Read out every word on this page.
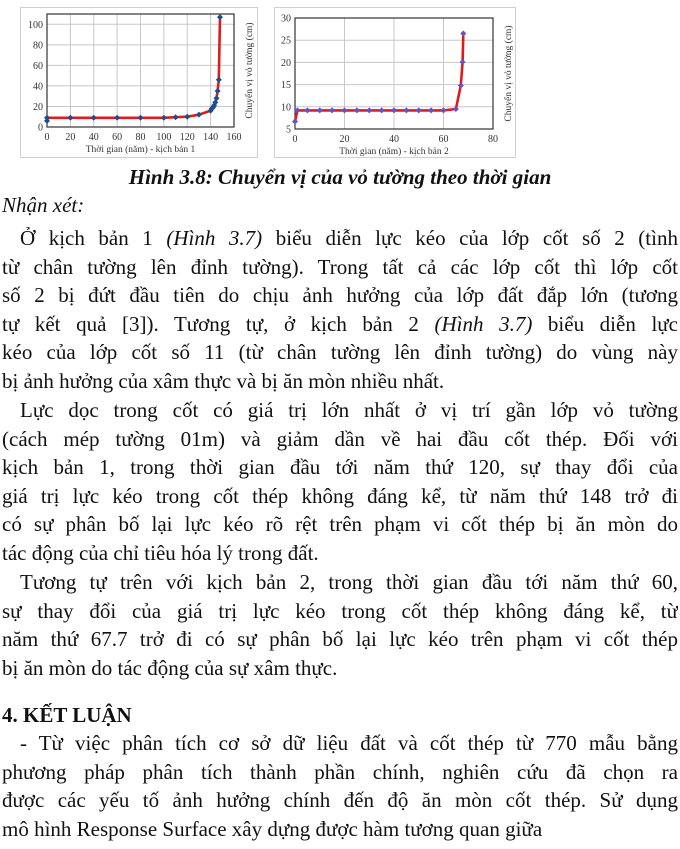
0
20
40
60
80
100
0 20 40 60 80 100 120 140 160
Thời gian (năm) - kịch bản 1
Chuyển vị vỏ tường (cm)
5
10
15
20
25
30
0	20	40	60	80
Thời gian (năm) - kịch bản 2
Chuyển vị vỏ tường (cm)
Hình 3.8: Chuyển vị của vỏ tường theo thời gian
Nhận xét:
Ở kịch bản 1 (Hình 3.7) biểu diễn lực kéo của lớp cốt số 2 (tình
từ chân tường lên đỉnh tường). Trong tất cả các lớp cốt thì lớp cốt
số 2 bị đứt đầu tiên do chịu ảnh hưởng của lớp đất đắp lớn (tương
tự kết quả [3]). Tương tự, ở kịch bản 2 (Hình 3.7) biểu diễn lực
kéo của lớp cốt số 11 (từ chân tường lên đỉnh tường) do vùng này
bị ảnh hưởng của xâm thực và bị ăn mòn nhiều nhất.
Lực dọc trong cốt có giá trị lớn nhất ở vị trí gần lớp vỏ tường
(cách mép tường 01m) và giảm dần về hai đầu cốt thép. Đối với
kịch bản 1, trong thời gian đầu tới năm thứ 120, sự thay đổi của
giá trị lực kéo trong cốt thép không đáng kể, từ năm thứ 148 trở đi
có sự phân bố lại lực kéo rõ rệt trên phạm vi cốt thép bị ăn mòn do
tác động của chỉ tiêu hóa lý trong đất.
Tương tự trên với kịch bản 2, trong thời gian đầu tới năm thứ 60,
sự thay đổi của giá trị lực kéo trong cốt thép không đáng kể, từ
năm thứ 67.7 trở đi có sự phân bố lại lực kéo trên phạm vi cốt thép
bị ăn mòn do tác động của sự xâm thực.
4. KẾT LUẬN
- Từ việc phân tích cơ sở dữ liệu đất và cốt thép từ 770 mẫu bằng
phương pháp phân tích thành phần chính, nghiên cứu đã chọn ra
được các yếu tố ảnh hưởng chính đến độ ăn mòn cốt thép. Sử dụng
mô hình Response Surface xây dựng được hàm tương quan giữa
